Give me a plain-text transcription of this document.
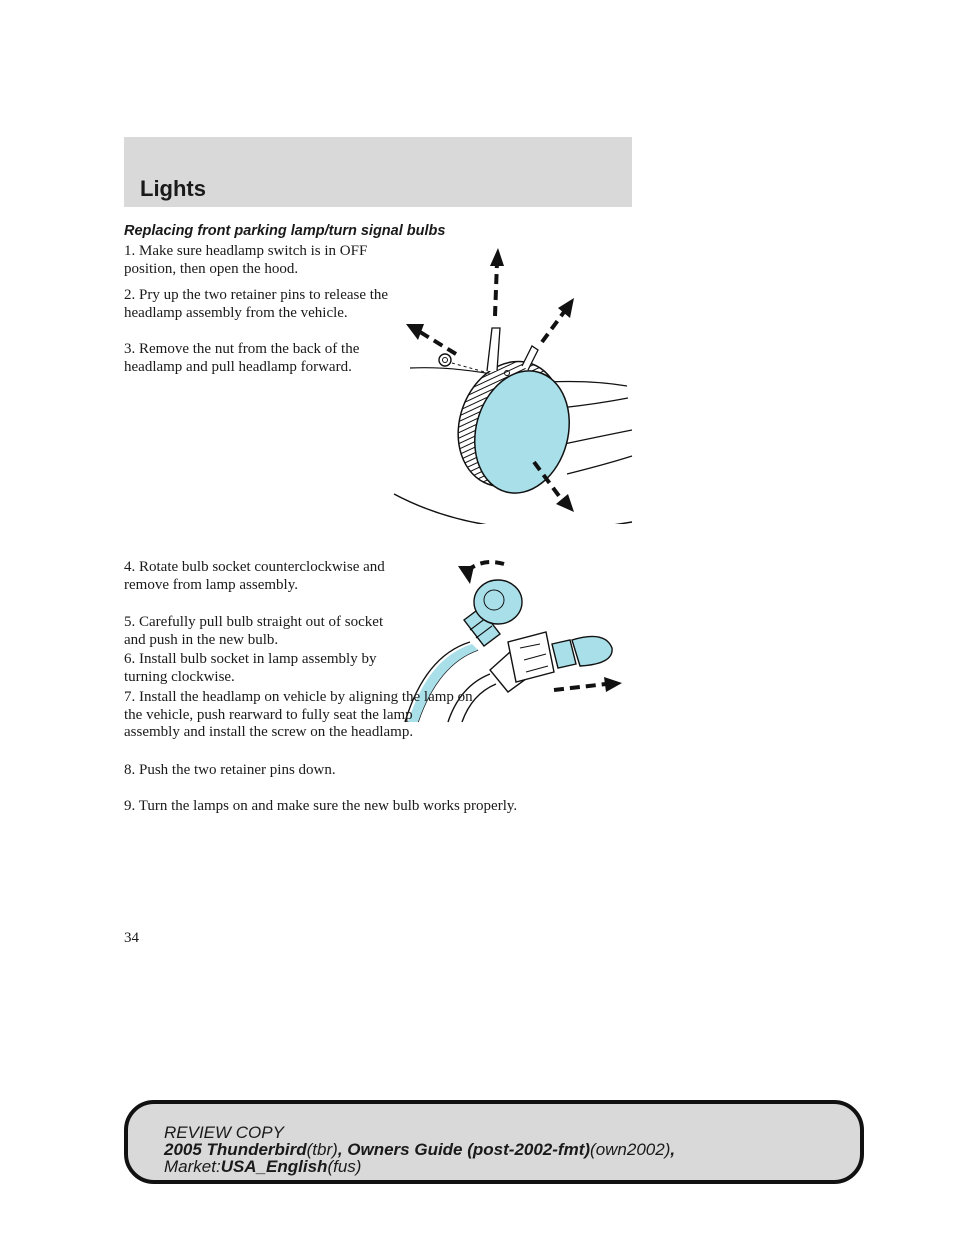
Lights
Replacing front parking lamp/turn signal bulbs
1. Make sure headlamp switch is in OFF position, then open the hood.
2. Pry up the two retainer pins to release the headlamp assembly from the vehicle.
3. Remove the nut from the back of the headlamp and pull headlamp forward.
4. Rotate bulb socket counterclockwise and remove from lamp assembly.
5. Carefully pull bulb straight out of socket and push in the new bulb.
6. Install bulb socket in lamp assembly by turning clockwise.
7. Install the headlamp on vehicle by aligning the lamp on the vehicle, push rearward to fully seat the lamp
assembly and install the screw on the headlamp.
8. Push the two retainer pins down.
9. Turn the lamps on and make sure the new bulb works properly.
34
REVIEW COPY
2005 Thunderbird(tbr), Owners Guide (post-2002-fmt)(own2002),
Market:USA_English(fus)
